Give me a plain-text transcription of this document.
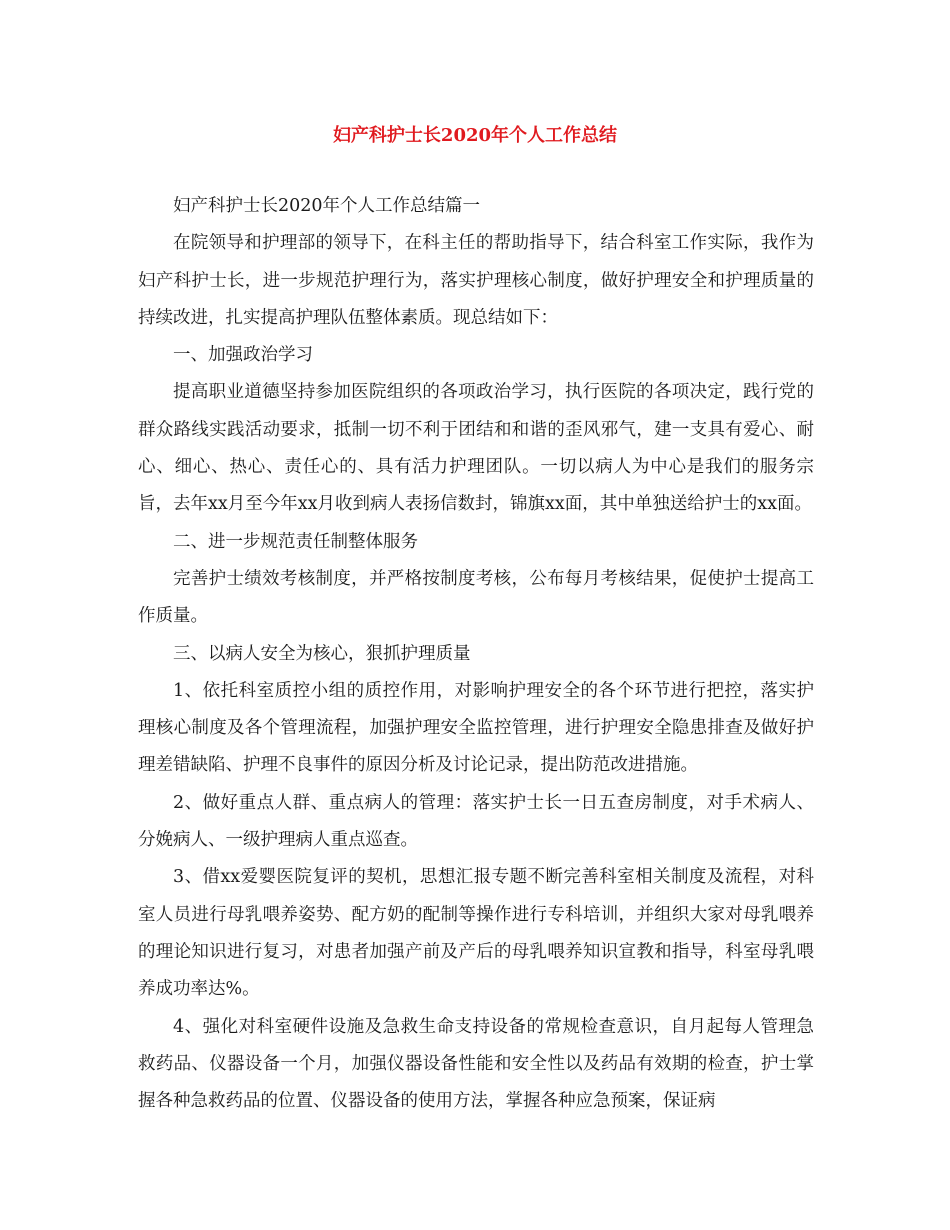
妇产科护士长2020年个人工作总结

妇产科护士长2020年个人工作总结篇一

在院领导和护理部的领导下，在科主任的帮助指导下，结合科室工作实际，我作为妇产科护士长，进一步规范护理行为，落实护理核心制度，做好护理安全和护理质量的持续改进，扎实提高护理队伍整体素质。现总结如下：

一、加强政治学习

提高职业道德坚持参加医院组织的各项政治学习，执行医院的各项决定，践行党的群众路线实践活动要求，抵制一切不利于团结和和谐的歪风邪气，建一支具有爱心、耐心、细心、热心、责任心的、具有活力护理团队。一切以病人为中心是我们的服务宗旨，去年xx月至今年xx月收到病人表扬信数封，锦旗xx面，其中单独送给护士的xx面。

二、进一步规范责任制整体服务

完善护士绩效考核制度，并严格按制度考核，公布每月考核结果，促使护士提高工作质量。

三、以病人安全为核心，狠抓护理质量

1、依托科室质控小组的质控作用，对影响护理安全的各个环节进行把控，落实护理核心制度及各个管理流程，加强护理安全监控管理，进行护理安全隐患排查及做好护理差错缺陷、护理不良事件的原因分析及讨论记录，提出防范改进措施。

2、做好重点人群、重点病人的管理：落实护士长一日五查房制度，对手术病人、分娩病人、一级护理病人重点巡查。

3、借xx爱婴医院复评的契机，思想汇报专题不断完善科室相关制度及流程，对科室人员进行母乳喂养姿势、配方奶的配制等操作进行专科培训，并组织大家对母乳喂养的理论知识进行复习，对患者加强产前及产后的母乳喂养知识宣教和指导，科室母乳喂养成功率达%。

4、强化对科室硬件设施及急救生命支持设备的常规检查意识，自月起每人管理急救药品、仪器设备一个月，加强仪器设备性能和安全性以及药品有效期的检查，护士掌握各种急救药品的位置、仪器设备的使用方法，掌握各种应急预案，保证病
